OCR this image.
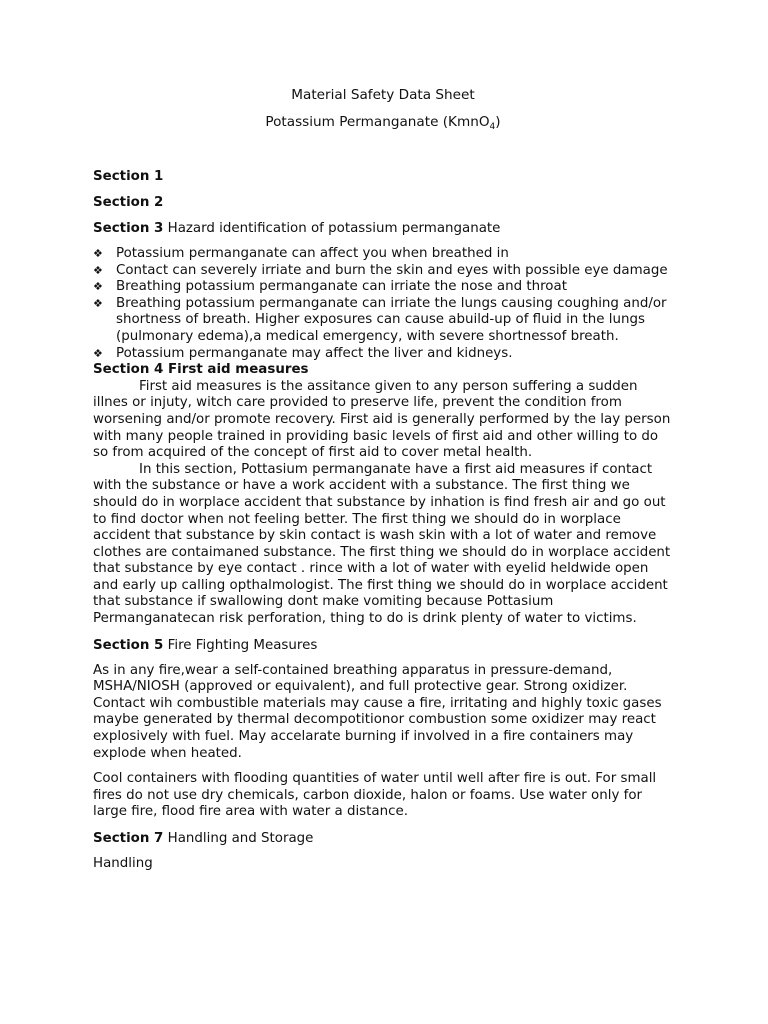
Material Safety Data Sheet

Potassium Permanganate (KmnO$_4$)

Section 1

Section 2

Section 3 Hazard identification of potassium permanganate

❖ Potassium permanganate can affect you when breathed in
❖ Contact can severely irriate and burn the skin and eyes with possible eye damage
❖ Breathing potassium permanganate can irriate the nose and throat
❖ Breathing potassium permanganate can irriate the lungs causing coughing and/or shortness of breath. Higher exposures can cause abuild-up of fluid in the lungs (pulmonary edema),a medical emergency, with severe shortnessof breath.
❖ Potassium permanganate may affect the liver and kidneys.

Section 4 First aid measures

First aid measures is the assitance given to any person suffering a sudden illnes or injuty, witch care provided to preserve life, prevent the condition from worsening and/or promote recovery. First aid is generally performed by the lay person with many people trained in providing basic levels of first aid and other willing to do so from acquired of the concept of first aid to cover metal health.

In this section, Pottasium permanganate have a first aid measures if contact with the substance or have a work accident with a substance. The first thing we should do in worplace accident that substance by inhation is find fresh air and go out to find doctor when not feeling better. The first thing we should do in worplace accident that substance by skin contact is wash skin with a lot of water and remove clothes are contaimaned substance. The first thing we should do in worplace accident that substance by eye contact . rince with a lot of water with eyelid heldwide open and early up calling opthalmologist. The first thing we should do in worplace accident that substance if swallowing dont make vomiting because Pottasium Permanganatecan risk perforation, thing to do is drink plenty of water to victims.

Section 5 Fire Fighting Measures

As in any fire,wear a self-contained breathing apparatus in pressure-demand, MSHA/NIOSH (approved or equivalent), and full protective gear. Strong oxidizer. Contact wih combustible materials may cause a fire, irritating and highly toxic gases maybe generated by thermal decompotitionor combustion some oxidizer may react explosively with fuel. May accelarate burning if involved in a fire containers may explode when heated.

Cool containers with flooding quantities of water until well after fire is out. For small fires do not use dry chemicals, carbon dioxide, halon or foams. Use water only for large fire, flood fire area with water a distance.

Section 7 Handling and Storage

Handling
